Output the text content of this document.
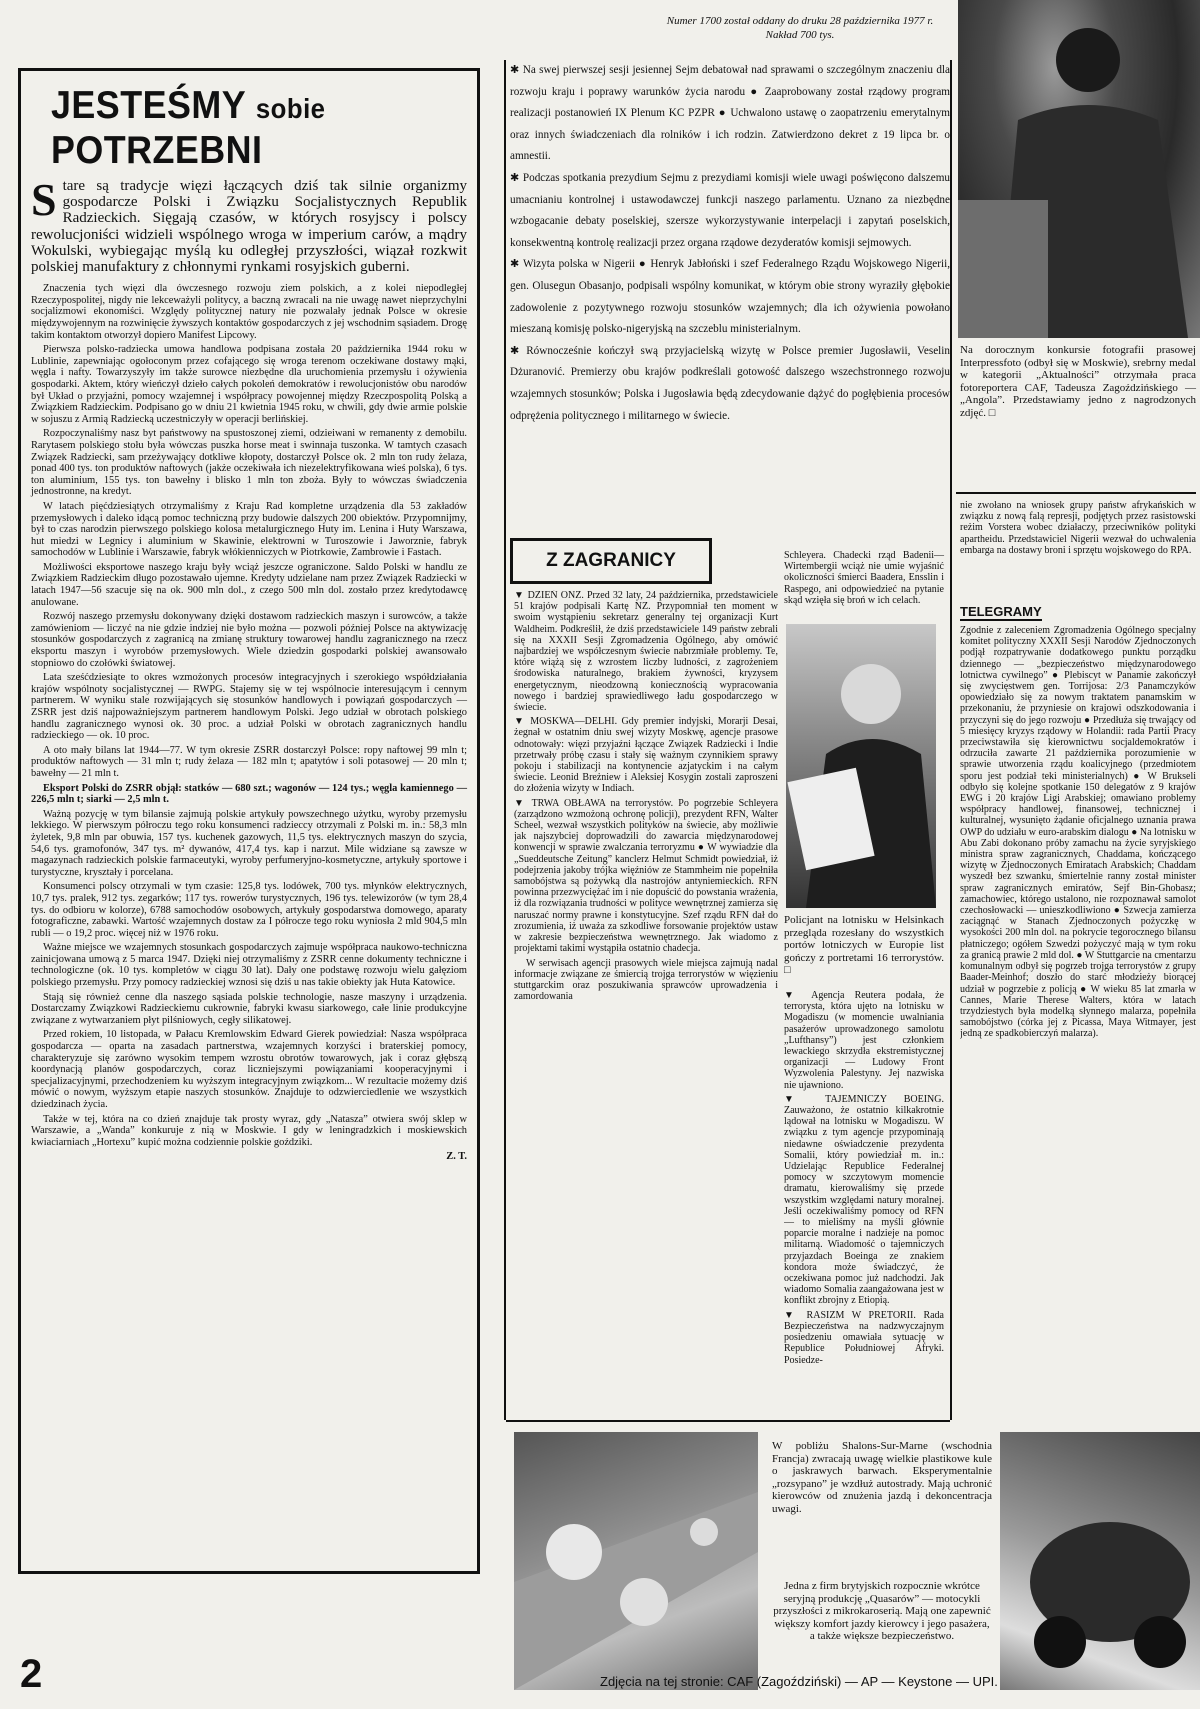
Numer 1700 został oddany do druku 28 października 1977 r. Nakład 700 tys.
JESTEŚMY sobie POTRZEBNI
S tare są tradycje więzi łączących dziś tak silnie organizmy gospodarcze Polski i Związku Socjalistycznych Republik Radzieckich. Sięgają czasów, w których rosyjscy i polscy rewolucjoniści widzieli wspólnego wroga w imperium carów, a mądry Wokulski, wybiegając myślą ku odległej przyszłości, wiązał rozkwit polskiej manufaktury z chłonnymi rynkami rosyjskich guberni.

Znaczenia tych więzi dla ówczesnego rozwoju ziem polskich, a z kolei niepodległej Rzeczypospolitej, nigdy nie lekceważyli politycy, a baczną zwracali na nie uwagę nawet nieprzychylni socjalizmowi ekonomiści. Względy politycznej natury nie pozwalały jednak Polsce w okresie międzywojennym na rozwinięcie żywszych kontaktów gospodarczych z jej wschodnim sąsiadem. Drogę takim kontaktom otworzył dopiero Manifest Lipcowy.

Pierwsza polsko-radziecka umowa handlowa podpisana została 20 października 1944 roku w Lublinie, zapewniając ogołoconym przez cofającego się wroga terenom oczekiwane dostawy mąki, węgla i nafty. Towarzyszyły im także surowce niezbędne dla uruchomienia przemysłu i ożywienia gospodarki. Aktem, który wieńczył dzieło całych pokoleń demokratów i rewolucjonistów obu narodów był Układ o przyjaźni, pomocy wzajemnej i współpracy powojennej między Rzeczpospolitą Polską a Związkiem Radzieckim. Podpisano go w dniu 21 kwietnia 1945 roku, w chwili, gdy dwie armie polskie w sojuszu z Armią Radziecką uczestniczyły w operacji berlińskiej.

Rozpoczynaliśmy nasz byt państwowy na spustoszonej ziemi, odzieiwani w remanenty z demobilu. Rarytasem polskiego stołu była wówczas puszka horse meat i swinnaja tuszonka. W tamtych czasach Związek Radziecki, sam przeżywający dotkliwe kłopoty, dostarczył Polsce ok. 2 mln ton rudy żelaza, ponad 400 tys. ton produktów naftowych (jakże oczekiwała ich niezelektryfikowana wieś polska), 6 tys. ton aluminium, 155 tys. ton bawełny i blisko 1 mln ton zboża. Były to wówczas świadczenia jednostronne, na kredyt.

W latach pięćdziesiątych otrzymaliśmy z Kraju Rad kompletne urządzenia dla 53 zakładów przemysłowych i daleko idącą pomoc techniczną przy budowie dalszych 200 obiektów. Przypomnijmy, był to czas narodzin pierwszego polskiego kolosa metalurgicznego Huty im. Lenina i Huty Warszawa, hut miedzi w Legnicy i aluminium w Skawinie, elektrowni w Turoszowie i Jaworznie, fabryk samochodów w Lublinie i Warszawie, fabryk włókienniczych w Piotrkowie, Zambrowie i Fastach.

Możliwości eksportowe naszego kraju były wciąż jeszcze ograniczone. Saldo Polski w handlu ze Związkiem Radzieckim długo pozostawało ujemne. Kredyty udzielane nam przez Związek Radziecki w latach 1947—56 szacuje się na ok. 900 mln dol., z czego 500 mln dol. zostało przez kredytodawcę anulowane.

Rozwój naszego przemysłu dokonywany dzięki dostawom radzieckich maszyn i surowców, a także zamówieniom — liczyć na nie gdzie indziej nie było można — pozwoli później Polsce na aktywizację stosunków gospodarczych z zagranicą na zmianę struktury towarowej handlu zagranicznego na rzecz eksportu maszyn i wyrobów przemysłowych. Wiele dziedzin gospodarki polskiej awansowało stopniowo do czołówki światowej.

Lata sześćdziesiąte to okres wzmożonych procesów integracyjnych i szerokiego współdziałania krajów wspólnoty socjalistycznej — RWPG. Stajemy się w tej wspólnocie interesującym i cennym partnerem. W wyniku stale rozwijających się stosunków handlowych i powiązań gospodarczych — ZSRR jest dziś najpoważniejszym partnerem handlowym Polski. Jego udział w obrotach polskiego handlu zagranicznego wynosi ok. 30 proc. a udział Polski w obrotach zagranicznych handlu radzieckiego — ok. 10 proc.

A oto mały bilans lat 1944—77. W tym okresie ZSRR dostarczył Polsce: ropy naftowej 99 mln t; produktów naftowych — 31 mln t; rudy żelaza — 182 mln t; apatytów i soli potasowej — 20 mln t; bawełny — 21 mln t.

Eksport Polski do ZSRR objął: statków — 680 szt.; wagonów — 124 tys.; węgla kamiennego — 226,5 mln t; siarki — 2,5 mln t.

Ważną pozycję w tym bilansie zajmują polskie artykuły powszechnego użytku, wyroby przemysłu lekkiego. W pierwszym półroczu tego roku konsumenci radzieccy otrzymali z Polski m. in.: 58,3 mln żyletek, 9,8 mln par obuwia, 157 tys. kuchenek gazowych, 11,5 tys. elektrycznych maszyn do szycia, 54,6 tys. gramofonów, 347 tys. m² dywanów, 417,4 tys. kap i narzut. Mile widziane są zawsze w magazynach radzieckich polskie farmaceutyki, wyroby perfumeryjno-kosmetyczne, artykuły sportowe i turystyczne, kryształy i porcelana.

Konsumenci polscy otrzymali w tym czasie: 125,8 tys. lodówek, 700 tys. młynków elektrycznych, 10,7 tys. pralek, 912 tys. zegarków; 117 tys. rowerów turystycznych, 196 tys. telewizorów (w tym 28,4 tys. do odbioru w kolorze), 6788 samochodów osobowych, artykuły gospodarstwa domowego, aparaty fotograficzne, zabawki. Wartość wzajemnych dostaw za I półrocze tego roku wyniosła 2 mld 904,5 mln rubli — o 19,2 proc. więcej niż w 1976 roku.

Ważne miejsce we wzajemnych stosunkach gospodarczych zajmuje współpraca naukowo-techniczna zainicjowana umową z 5 marca 1947. Dzięki niej otrzymaliśmy z ZSRR cenne dokumenty techniczne i technologiczne (ok. 10 tys. kompletów w ciągu 30 lat). Dały one podstawę rozwoju wielu gałęziom polskiego przemysłu. Przy pomocy radzieckiej wznosi się dziś u nas takie obiekty jak Huta Katowice.

Stają się również cenne dla naszego sąsiada polskie technologie, nasze maszyny i urządzenia. Dostarczamy Związkowi Radzieckiemu cukrownie, fabryki kwasu siarkowego, całe linie produkcyjne związane z wytwarzaniem płyt pilśniowych, cegły silikatowej.

Przed rokiem, 10 listopada, w Pałacu Kremlowskim Edward Gierek powiedział: Nasza współpraca gospodarcza — oparta na zasadach partnerstwa, wzajemnych korzyści i braterskiej pomocy, charakteryzuje się zarówno wysokim tempem wzrostu obrotów towarowych, jak i coraz głębszą koordynacją planów gospodarczych, coraz liczniejszymi powiązaniami kooperacyjnymi i specjalizacyjnymi, przechodzeniem ku wyższym integracyjnym związkom... W rezultacie możemy dziś mówić o nowym, wyższym etapie naszych stosunków. Znajduje to odzwierciedlenie we wszystkich dziedzinach życia.

Także w tej, która na co dzień znajduje tak prosty wyraz, gdy „Natasza” otwiera swój sklep w Warszawie, a „Wanda” konkuruje z nią w Moskwie. I gdy w leningradzkich i moskiewskich kwiaciarniach „Hortexu” kupić można codziennie polskie goździki.

Z. T.

✱ Na swej pierwszej sesji jesiennej Sejm debatował nad sprawami o szczególnym znaczeniu dla rozwoju kraju i poprawy warunków życia narodu ● Zaaprobowany został rządowy program realizacji postanowień IX Plenum KC PZPR ● Uchwalono ustawę o zaopatrzeniu emerytalnym oraz innych świadczeniach dla rolników i ich rodzin. Zatwierdzono dekret z 19 lipca br. o amnestii.

✱ Podczas spotkania prezydium Sejmu z prezydiami komisji wiele uwagi poświęcono dalszemu umacnianiu kontrolnej i ustawodawczej funkcji naszego parlamentu. Uznano za niezbędne wzbogacanie debaty poselskiej, szersze wykorzystywanie interpelacji i zapytań poselskich, konsekwentną kontrolę realizacji przez organa rządowe dezyderatów komisji sejmowych.

✱ Wizyta polska w Nigerii ● Henryk Jabłoński i szef Federalnego Rządu Wojskowego Nigerii, gen. Olusegun Obasanjo, podpisali wspólny komunikat, w którym obie strony wyraziły głębokie zadowolenie z pozytywnego rozwoju stosunków wzajemnych; dla ich ożywienia powołano mieszaną komisję polsko-nigeryjską na szczeblu ministerialnym.

✱ Równocześnie kończył swą przyjacielską wizytę w Polsce premier Jugosławii, Veselin Dżuranović. Premierzy obu krajów podkreślali gotowość dalszego wszechstronnego rozwoju wzajemnych stosunków; Polska i Jugosławia będą zdecydowanie dążyć do pogłębienia procesów odprężenia politycznego i militarnego w świecie.

Z ZAGRANICY

▼ DZIEŃ ONZ. Przed 32 laty, 24 października, przedstawiciele 51 krajów podpisali Kartę NZ. Przypomniał ten moment w swoim wystąpieniu sekretarz generalny tej organizacji Kurt Waldheim. Podkreślił, że dziś przedstawiciele 149 państw zebrali się na XXXII Sesji Zgromadzenia Ogólnego, aby omówić najbardziej we współczesnym świecie nabrzmiałe problemy. Te, które wiążą się z wzrostem liczby ludności, z zagrożeniem środowiska naturalnego, brakiem żywności, kryzysem energetycznym, nieodzowną koniecznością wypracowania nowego i bardziej sprawiedliwego ładu gospodarczego w świecie.

▼ MOSKWA—DELHI. Gdy premier indyjski, Morarji Desai, żegnał w ostatnim dniu swej wizyty Moskwę, agencje prasowe odnotowały: więzi przyjaźni łączące Związek Radziecki i Indie przetrwały próbę czasu i stały się ważnym czynnikiem sprawy pokoju i stabilizacji na kontynencie azjatyckim i na całym świecie. Leonid Breżniew i Aleksiej Kosygin zostali zaproszeni do złożenia wizyty w Indiach.

▼ TRWA OBŁAWA na terrorystów. Po pogrzebie Schleyera (zarządzono wzmożoną ochronę policji), prezydent RFN, Walter Scheel, wezwał wszystkich polityków na świecie, aby możliwie jak najszybciej doprowadzili do zawarcia międzynarodowej konwencji w sprawie zwalczania terroryzmu ● W wywiadzie dla „Sueddeutsche Zeitung” kanclerz Helmut Schmidt powiedział, iż podejrzenia jakoby trójka więźniów ze Stammheim nie popełniła samobójstwa są pożywką dla nastrojów antyniemieckich. RFN powinna przezwyciężać im i nie dopuścić do powstania wrażenia, iż dla rozwiązania trudności w polityce wewnętrznej zamierza się naruszać normy prawne i konstytucyjne. Szef rządu RFN dał do zrozumienia, iż uważa za szkodliwe forsowanie projektów ustaw w zakresie bezpieczeństwa wewnętrznego. Jak wiadomo z projektami takimi wystąpiła ostatnio chadecja.

W serwisach agencji prasowych wiele miejsca zajmują nadal informacje związane ze śmiercią trojga terrorystów w więzieniu stuttgarckim oraz poszukiwania sprawców uprowadzenia i zamordowania

Schleyera. Chadecki rząd Badenii—Wirtembergii wciąż nie umie wyjaśnić okoliczności śmierci Baadera, Ensslin i Raspego, ani odpowiedzieć na pytanie skąd wzięła się broń w ich celach.
Policjant na lotnisku w Helsinkach przegląda rozesłany do wszystkich portów lotniczych w Europie list gończy z portretami 16 terrorystów. □

▼ Agencja Reutera podała, że terrorysta, która ujęto na lotnisku w Mogadiszu (w momencie uwalniania pasażerów uprowadzonego samolotu „Lufthansy”) jest członkiem lewackiego skrzydła ekstremistycznej organizacji — Ludowy Front Wyzwolenia Palestyny. Jej nazwiska nie ujawniono.

▼ TAJEMNICZY BOEING. Zauważono, że ostatnio kilkakrotnie lądował na lotnisku w Mogadiszu. W związku z tym agencje przypominają niedawne oświadczenie prezydenta Somalii, który powiedział m. in.: Udzielając Republice Federalnej pomocy w szczytowym momencie dramatu, kierowaliśmy się przede wszystkim względami natury moralnej. Jeśli oczekiwaliśmy pomocy od RFN — to mieliśmy na myśli głównie poparcie moralne i nadzieje na pomoc militarną. Wiadomość o tajemniczych przyjazdach Boeinga ze znakiem kondora może świadczyć, że oczekiwana pomoc już nadchodzi. Jak wiadomo Somalia zaangażowana jest w konflikt zbrojny z Etiopią.

▼ RASIZM W PRETORII. Rada Bezpieczeństwa na nadzwyczajnym posiedzeniu omawiała sytuację w Republice Południowej Afryki. Posiedze-

Na dorocznym konkursie fotografii prasowej Interpressfoto (odbył się w Moskwie), srebrny medal w kategorii „Aktualności” otrzymała praca fotoreportera CAF, Tadeusza Zagoździńskiego — „Angola”. Przedstawiamy jedno z nagrodzonych zdjęć. □
nie zwołano na wniosek grupy państw afrykańskich w związku z nową falą represji, podjętych przez rasistowski reżim Vorstera wobec działaczy, przeciwników polityki apartheidu. Przedstawiciel Nigerii wezwał do uchwalenia embarga na dostawy broni i sprzętu wojskowego do RPA.
TELEGRAMY
Zgodnie z zaleceniem Zgromadzenia Ogólnego specjalny komitet polityczny XXXII Sesji Narodów Zjednoczonych podjął rozpatrywanie dodatkowego punktu porządku dziennego — „bezpieczeństwo międzynarodowego lotnictwa cywilnego” ● Plebiscyt w Panamie zakończył się zwycięstwem gen. Torrijosa: 2/3 Panamczyków opowiedziało się za nowym traktatem panamskim w przekonaniu, że przyniesie on krajowi odszkodowania i przyczyni się do jego rozwoju ● Przedłuża się trwający od 5 miesięcy kryzys rządowy w Holandii: rada Partii Pracy przeciwstawiła się kierownictwu socjaldemokratów i odrzuciła zawarte 21 października porozumienie w sprawie utworzenia rządu koalicyjnego (przedmiotem sporu jest podział teki ministerialnych) ● W Brukseli odbyło się kolejne spotkanie 150 delegatów z 9 krajów EWG i 20 krajów Ligi Arabskiej; omawiano problemy współpracy handlowej, finansowej, technicznej i kulturalnej, wysunięto żądanie oficjalnego uznania prawa OWP do udziału w euro-arabskim dialogu ● Na lotnisku w Abu Zabi dokonano próby zamachu na życie syryjskiego ministra spraw zagranicznych, Chaddama, kończącego wizytę w Zjednoczonych Emiratach Arabskich; Chaddam wyszedł bez szwanku, śmiertelnie ranny został minister spraw zagranicznych emiratów, Sejf Bin-Ghobasz; zamachowiec, którego ustalono, nie rozpoznawał samolot czechosłowacki — unieszkodliwiono ● Szwecja zamierza zaciągnąć w Stanach Zjednoczonych pożyczkę w wysokości 200 mln dol. na pokrycie tegorocznego bilansu płatniczego; ogółem Szwedzi pożyczyć mają w tym roku za granicą prawie 2 mld dol. ● W Stuttgarcie na cmentarzu komunalnym odbył się pogrzeb trojga terrorystów z grupy Baader-Meinhof; doszło do starć młodzieży biorącej udział w pogrzebie z policją ● W wieku 85 lat zmarła w Cannes, Marie Therese Walters, która w latach trzydziestych była modelką słynnego malarza, popełniła samobójstwo (córka jej z Picassa, Maya Witmayer, jest jedną ze spadkobierczyń malarza).
W pobliżu Shalons-Sur-Marne (wschodnia Francja) zwracają uwagę wielkie plastikowe kule o jaskrawych barwach. Eksperymentalnie „rozsypano” je wzdłuż autostrady. Mają uchronić kierowców od znużenia jazdą i dekoncentracja uwagi.
Jedna z firm brytyjskich rozpocznie wkrótce seryjną produkcję „Quasarów” — motocykli przyszłości z mikrokaroserią. Mają one zapewnić większy komfort jazdy kierowcy i jego pasażera, a także większe bezpieczeństwo.
2	Zdjęcia na tej stronie: CAF (Zagoździński) — AP — Keystone — UPI.
